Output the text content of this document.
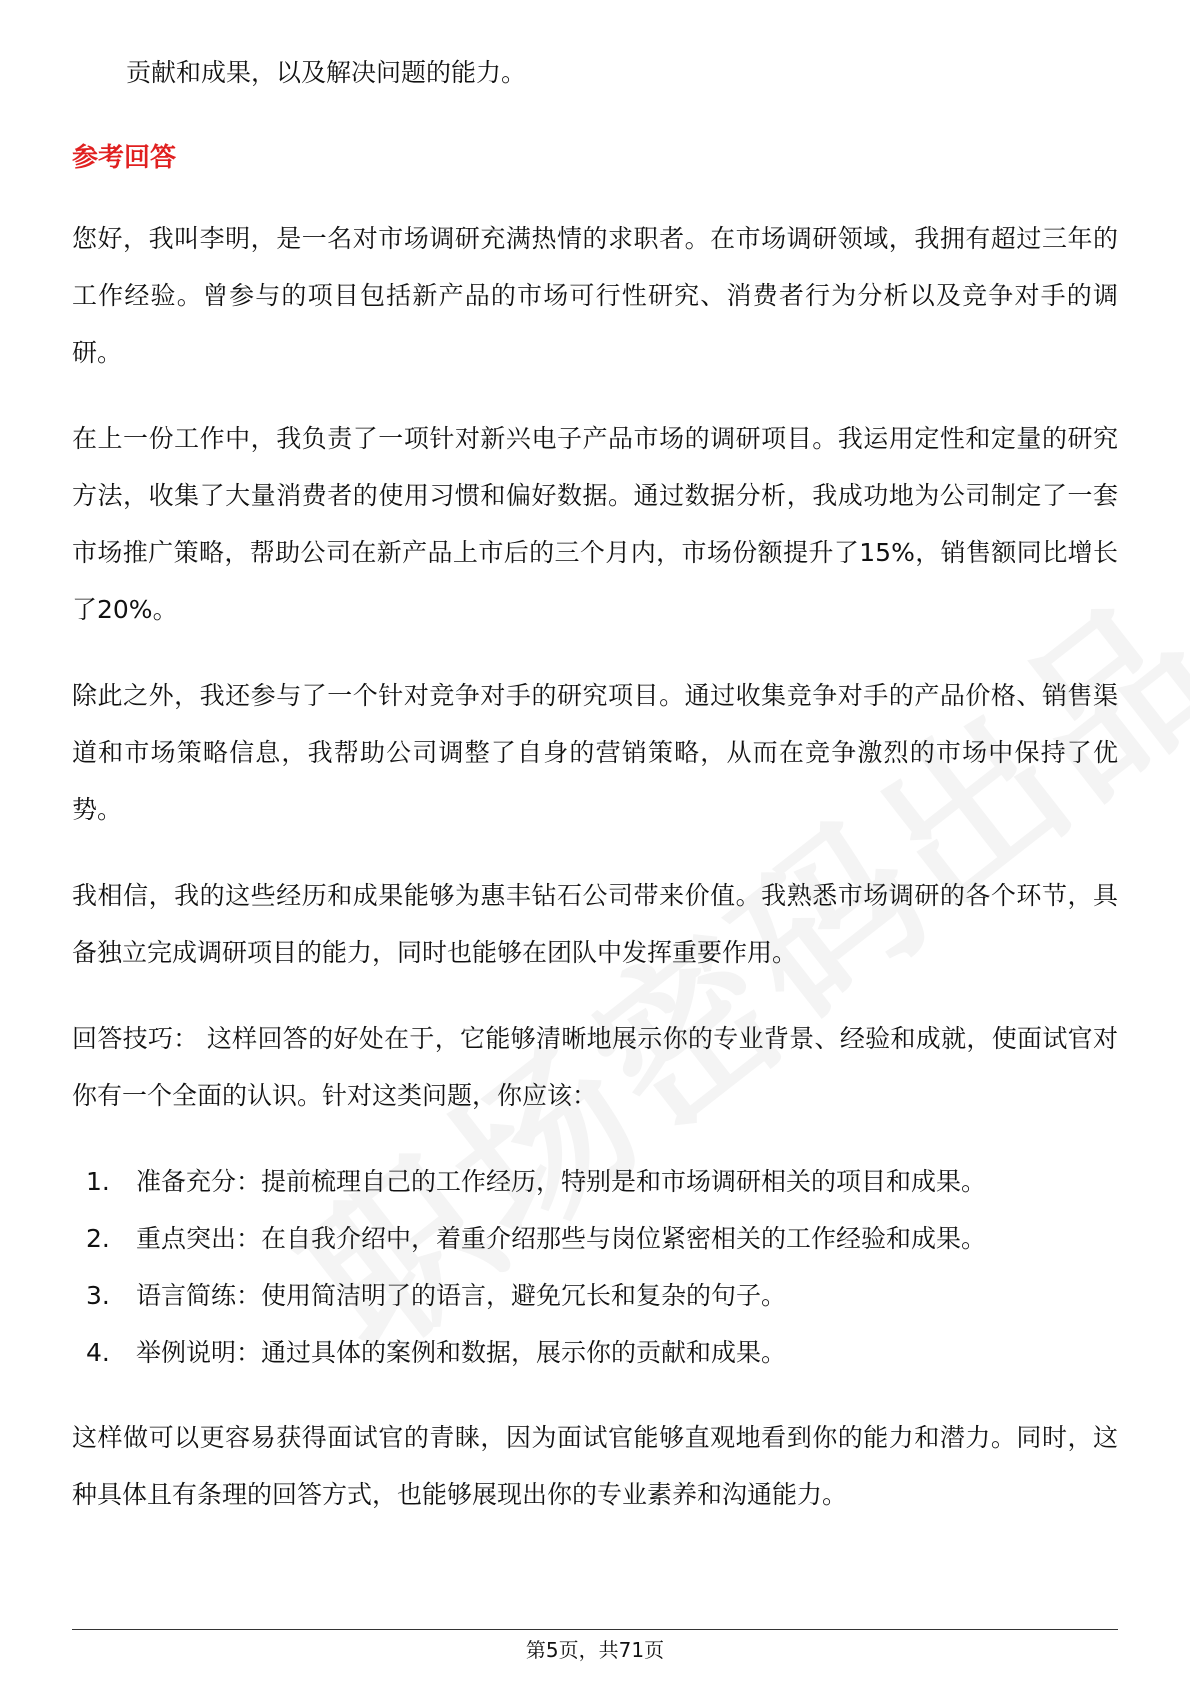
贡献和成果，以及解决问题的能力。

参考回答

您好，我叫李明，是一名对市场调研充满热情的求职者。在市场调研领域，我拥有超过三年的工作经验。曾参与的项目包括新产品的市场可行性研究、消费者行为分析以及竞争对手的调研。

在上一份工作中，我负责了一项针对新兴电子产品市场的调研项目。我运用定性和定量的研究方法，收集了大量消费者的使用习惯和偏好数据。通过数据分析，我成功地为公司制定了一套市场推广策略，帮助公司在新产品上市后的三个月内，市场份额提升了15%，销售额同比增长了20%。

除此之外，我还参与了一个针对竞争对手的研究项目。通过收集竞争对手的产品价格、销售渠道和市场策略信息，我帮助公司调整了自身的营销策略，从而在竞争激烈的市场中保持了优势。

我相信，我的这些经历和成果能够为惠丰钻石公司带来价值。我熟悉市场调研的各个环节，具备独立完成调研项目的能力，同时也能够在团队中发挥重要作用。

回答技巧： 这样回答的好处在于，它能够清晰地展示你的专业背景、经验和成就，使面试官对你有一个全面的认识。针对这类问题，你应该：

1.	准备充分：提前梳理自己的工作经历，特别是和市场调研相关的项目和成果。
2.	重点突出：在自我介绍中，着重介绍那些与岗位紧密相关的工作经验和成果。
3.	语言简练：使用简洁明了的语言，避免冗长和复杂的句子。
4.	举例说明：通过具体的案例和数据，展示你的贡献和成果。

这样做可以更容易获得面试官的青睐，因为面试官能够直观地看到你的能力和潜力。同时，这种具体且有条理的回答方式，也能够展现出你的专业素养和沟通能力。

第5页，共71页
